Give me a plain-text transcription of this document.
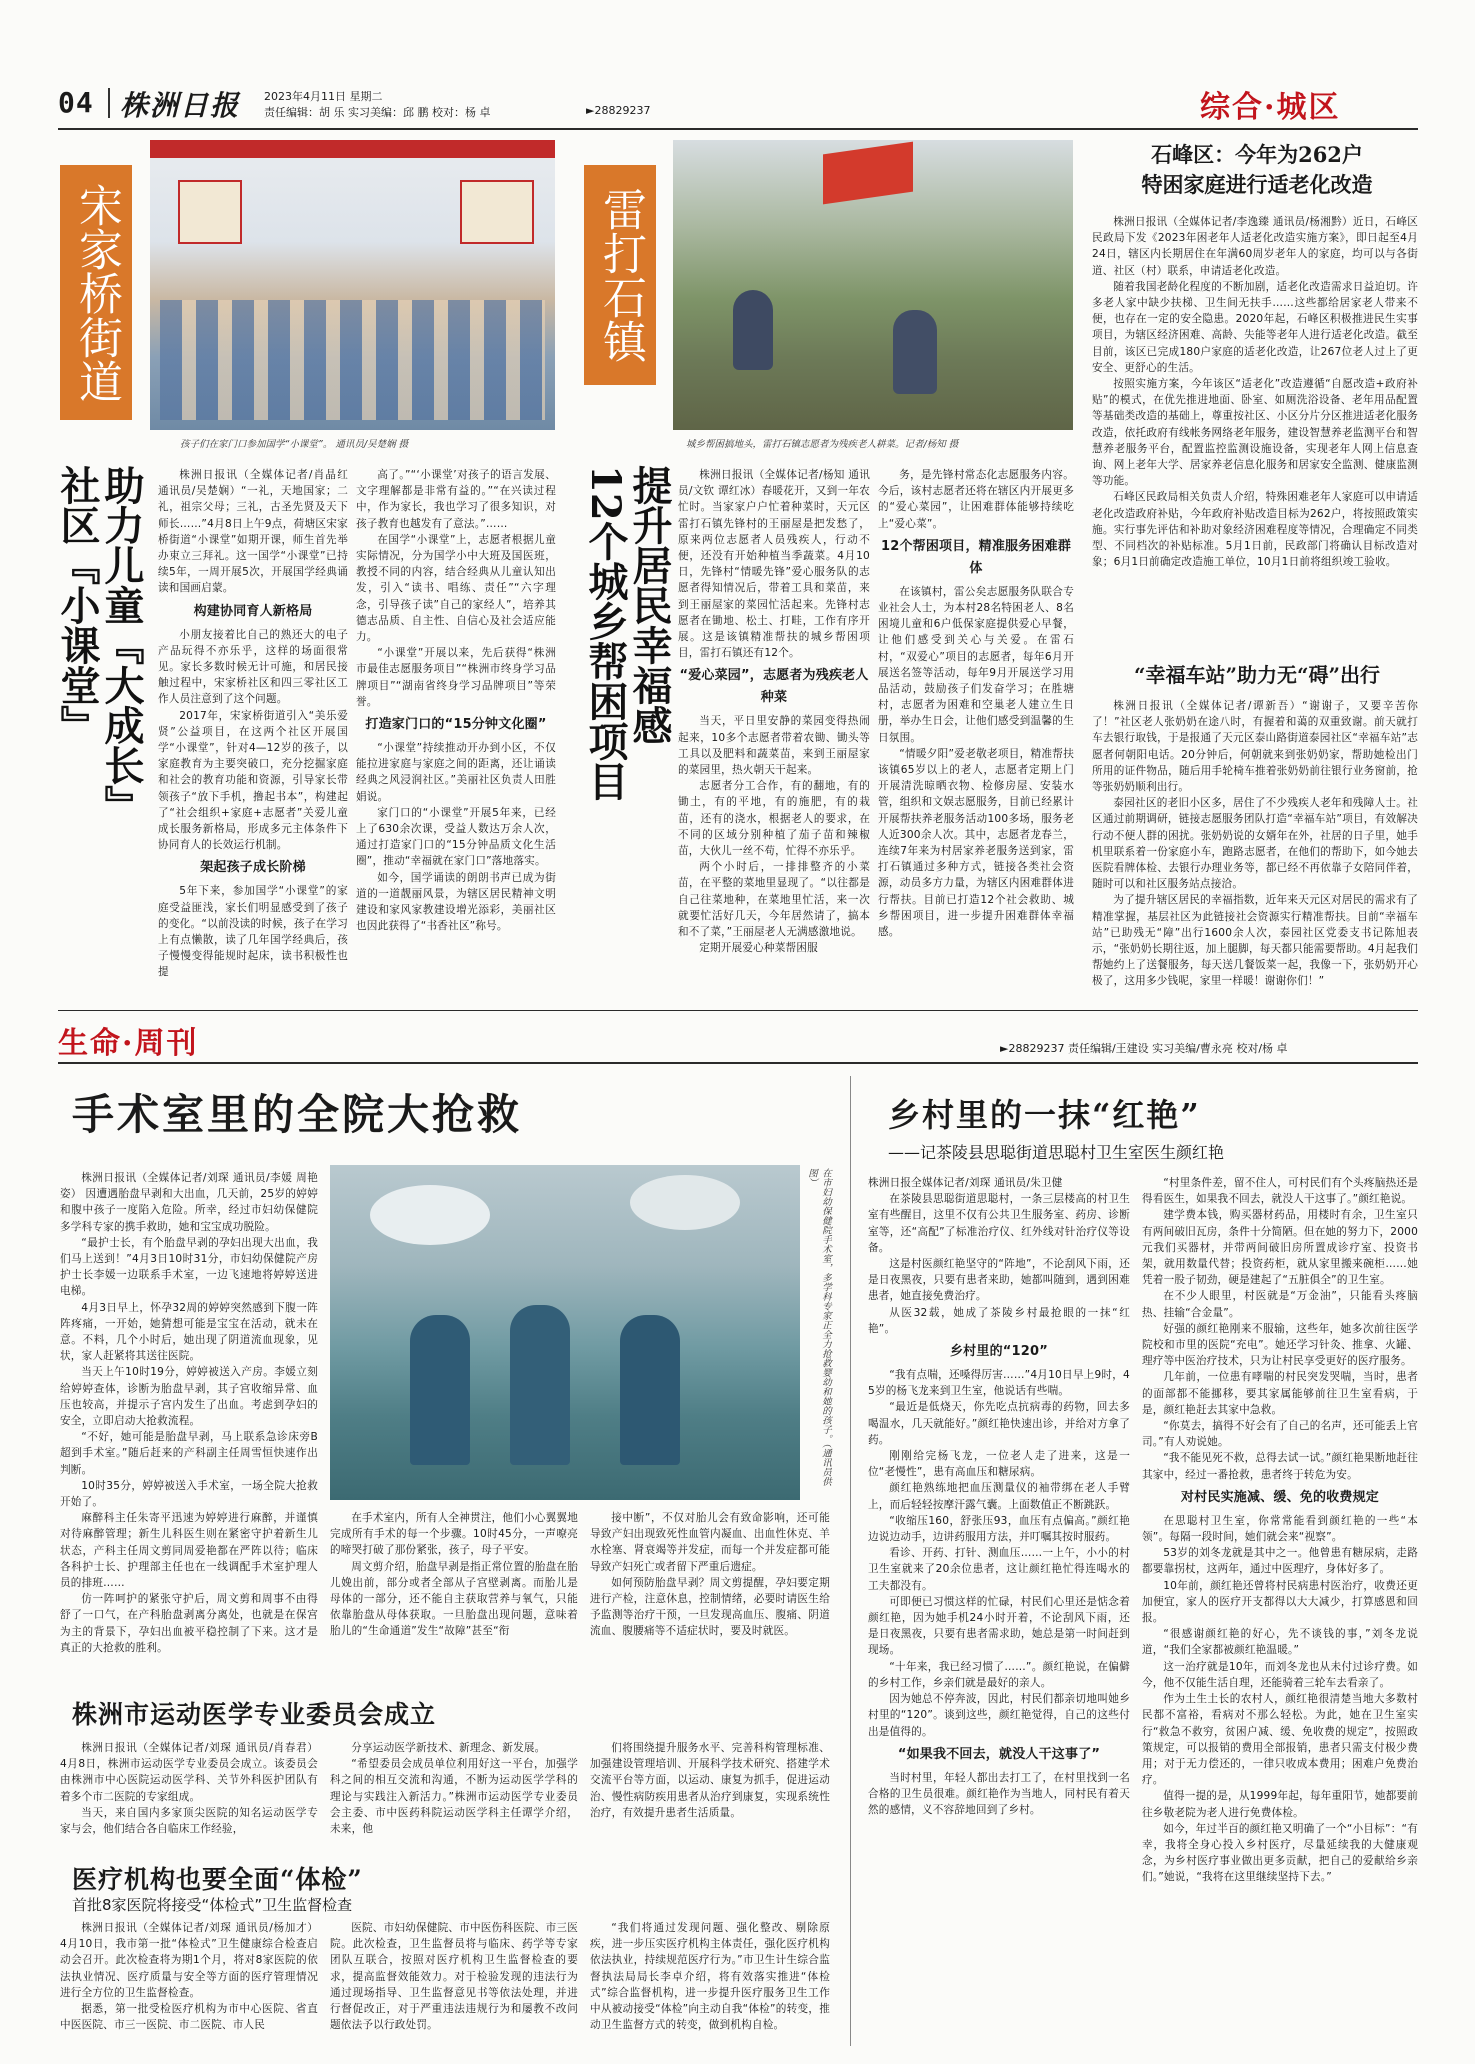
04 株洲日报 2023年4月11日 星期二
责任编辑：胡 乐 实习美编：邱 鹏 校对：杨 卓	►28829237	综合·城区
宋家桥街道
孩子们在家门口参加国学“小课堂”。 通讯员/吴楚娴 摄
助力儿童『大成长』
社区『小课堂』	株洲日报讯（全媒体记者/肖晶红 通讯员/吴楚娴）“一礼，天地国家；二礼，祖宗父母；三礼，古圣先贤及天下师长……”4月8日上午9点，荷塘区宋家桥街道“小课堂”如期开课，师生首先举办束立三拜礼。这一国学“小课堂”已持续5年，一周开展5次，开展国学经典诵读和国画启蒙。

构建协同育人新格局

小朋友接着比自己的熟还大的电子产品玩得不亦乐乎，这样的场面很常见。家长多数时候无计可施，和居民接触过程中，宋家桥社区和四三零社区工作人员注意到了这个问题。

2017年，宋家桥街道引入“美乐爱贤”公益项目，在这两个社区开展国学“小课堂”，针对4—12岁的孩子，以家庭教育为主要突破口，充分挖掘家庭和社会的教育功能和资源，引导家长带领孩子“放下手机，撸起书本”，构建起了“社会组织+家庭+志愿者”关爱儿童成长服务新格局，形成多元主体条件下协同育人的长效运行机制。

架起孩子成长阶梯

5年下来，参加国学“小课堂”的家庭受益匪浅，家长们明显感受到了孩子的变化。“以前没读的时候，孩子在学习上有点懒散，读了几年国学经典后，孩子慢慢变得能规时起床，读书积极性也提

高了。”“‘小课堂’对孩子的语言发展、文字理解都是非常有益的。”“在兴读过程中，作为家长，我也学习了很多知识，对孩子教育也越发有了意法。”……

在国学“小课堂”上，志愿者根据儿童实际情况，分为国学小中大班及国医班，教授不同的内容，结合经典从儿童认知出发，引入“读书、唱练、责任”“六字理念，引导孩子读”自己的家经人”，培养其德志品质、自主性、自信心及社会适应能力。

“小课堂”开展以来，先后获得“株洲市最佳志愿服务项目”“株洲市终身学习品牌项目”“湖南省终身学习品牌项目”等荣誉。

打造家门口的“15分钟文化圈”

“小课堂”持续推动开办到小区，不仅能拉进家庭与家庭之间的距离，还让诵读经典之风浸润社区。”美丽社区负责人田胜娟说。

家门口的“小课堂”开展5年来，已经上了630余次课，受益人数达万余人次，通过打造家门口的“15分钟品质文化生活圈”，推动“幸福就在家门口”落地落实。

如今，国学诵读的朗朗书声已成为街道的一道靓丽风景，为辖区居民精神文明建设和家风家教建设增光添彩，美丽社区也因此获得了“书香社区”称号。

雷打石镇
城乡帮困搞地头，雷打石镇志愿者为残疾老人耕菜。记者/杨知 摄
提升居民幸福感
12个城乡帮困项目	株洲日报讯（全媒体记者/杨知 通讯员/文钦 谭红冰）春暖花开，又到一年农忙时。当家家户户忙着种菜时，天元区雷打石镇先锋村的王丽屋是把发愁了，原来两位志愿者人员残疾人，行动不便，还没有开始种植当季蔬菜。4月10日，先锋村“情暖先锋”爱心服务队的志愿者得知情况后，带着工具和菜苗，来到王丽屋家的菜园忙活起来。先锋村志愿者在锄地、松土、打畦，工作有序开展。这是该镇精准帮扶的城乡帮困项目，雷打石镇还有12个。

“爱心菜园”，志愿者为残疾老人种菜

当天，平日里安静的菜园变得热闹起来，10多个志愿者带着农锄、锄头等工具以及肥料和蔬菜苗，来到王丽屋家的菜园里，热火朝天干起来。

志愿者分工合作，有的翻地，有的锄土，有的平地，有的施肥，有的栽苗，还有的浇水，根据老人的要求，在不同的区域分别种植了茄子苗和辣椒苗，大伙儿一丝不苟，忙得不亦乐乎。

两个小时后，一排排整齐的小菜苗，在平整的菜地里显现了。“以往都是自己往菜地种，在菜地里忙活，来一次就要忙活好几天，今年居然请了，搞本和不了菜，”王丽屋老人无满感激地说。

定期开展爱心种菜帮困服

务，是先锋村常态化志愿服务内容。今后，该村志愿者还将在辖区内开展更多的“爱心菜园”，让困难群体能够持续吃上“爱心菜”。

12个帮困项目，精准服务困难群体

在该镇村，雷公矣志愿服务队联合专业社会人士，为本村28名特困老人、8名困境儿童和6户低保家庭提供爱心早餐，让他们感受到关心与关爱。在雷石村，“双爱心”项目的志愿者，每年6月开展送名签等活动，每年9月开展送学习用品活动，鼓励孩子们发奋学习；在胜塘村，志愿者为困难和空巢老人建立生日册，举办生日会，让他们感受到温馨的生日氛围。

“情暖夕阳”爱老敬老项目，精准帮扶该镇65岁以上的老人，志愿者定期上门开展清洗晾晒衣物、检修房屋、安装水管，组织和文娱志愿服务，目前已经累计开展帮扶养老服务活动100多场，服务老人近300余人次。其中，志愿者龙春兰，连续7年来为村居家养老服务送到家，雷打石镇通过多种方式，链接各类社会资源，动员多方力量，为辖区内困难群体进行帮扶。目前已打造12个社会救助、城乡帮困项目，进一步提升困难群体幸福感。

石峰区：今年为262户
特困家庭进行适老化改造

株洲日报讯（全媒体记者/李逸臻 通讯员/杨湘黔）近日，石峰区民政局下发《2023年困老年人适老化改造实施方案》，即日起至4月24日，辖区内长期居住在年满60周岁老年人的家庭，均可以与各街道、社区（村）联系，申请适老化改造。

随着我国老龄化程度的不断加剧，适老化改造需求日益迫切。许多老人家中缺少扶梯、卫生间无扶手……这些都给居家老人带来不便，也存在一定的安全隐患。2020年起，石峰区积极推进民生实事项目，为辖区经济困难、高龄、失能等老年人进行适老化改造。截至目前，该区已完成180户家庭的适老化改造，让267位老人过上了更安全、更舒心的生活。

按照实施方案，今年该区“适老化”改造遵循“自愿改造+政府补贴”的模式，在优先推进地面、卧室、如厕洗浴设备、老年用品配置等基础类改造的基础上，尊重按社区、小区分片分区推进适老化服务改造，依托政府有线帐务网络老年服务，建设智慧养老监测平台和智慧养老服务平台，配置监控监测设施设备，实现老年人网上信息查询、网上老年大学、居家养老信息化服务和居家安全监测、健康监测等功能。

石峰区民政局相关负责人介绍，特殊困难老年人家庭可以申请适老化改造政府补贴，今年政府补贴改造目标为262户，将按照政策实施。实行事先评估和补助对象经济困难程度等情况，合理确定不同类型、不同档次的补贴标准。5月1日前，民政部门将确认目标改造对象；6月1日前确定改造施工单位，10月1日前将组织竣工验收。

“幸福车站”助力无“碍”出行

株洲日报讯（全媒体记者/谭新吾）“谢谢子，又要辛苦你了！”社区老人张奶奶在途八时，有握着和蔼的双重致谢。前天就打车去银行取钱，于是报通了天元区泰山路街道泰园社区“幸福车站”志愿者何朝阳电话。20分钟后，何朝就来到张奶奶家，帮助她检出门所用的证件物品，随后用手轮椅车推着张奶奶前往银行业务窗前，抢等张奶奶顺利出行。

泰园社区的老旧小区多，居住了不少残疾人老年和残障人士。社区通过前期调研，链接志愿服务团队打造“幸福车站”项目，有效解决行动不便人群的困扰。张奶奶说的女婿年在外，社居的日子里，她手机里联系着一份家庭小车，跑路志愿者，在他们的帮助下，如今她去医院看牌体检、去银行办理业务等，都已经不再依靠子女陪同伴着，随时可以和社区服务站点接洽。

为了提升辖区居民的幸福指数，近年来天元区对居民的需求有了精准掌握，基层社区为此链接社会资源实行精准帮扶。目前“幸福车站”已助残无“障”出行1600余人次，泰园社区党委支书记陈旭表示，“张奶奶长期往返，加上腿脚，每天都只能需要帮助。4月起我们帮她约上了送餐服务，每天送几餐饭菜一起，我像一下，张奶奶开心极了，这用多少钱呢，家里一样暖！谢谢你们！”

生命·周刊	►28829237 责任编辑/王建设 实习美编/曹永亮 校对/杨 卓
手术室里的全院大抢救

株洲日报讯（全媒体记者/刘琛 通讯员/李媛 周艳姿） 因遭遇胎盘早剥和大出血，几天前，25岁的婷婷和腹中孩子一度陷入危险。所幸，经过市妇幼保健院多学科专家的携手救助，她和宝宝成功脱险。

“最护士长，有个胎盘早剥的孕妇出现大出血，我们马上送到！”4月3日10时31分，市妇幼保健院产房护士长李媛一边联系手术室，一边飞速地将婷婷送进电梯。

4月3日早上，怀孕32周的婷婷突然感到下腹一阵阵疼痛，一开始，她猜想可能是宝宝在活动，就未在意。不料，几个小时后，她出现了阴道流血现象，见状，家人赶紧将其送往医院。

当天上午10时19分，婷婷被送入产房。李媛立刻给婷婷查体，诊断为胎盘早剥，其子宫收缩异常、血压也较高，并提示子宫内发生了出血。考虑到孕妇的安全，立即启动大抢救流程。

“不好，她可能是胎盘早剥，马上联系急诊床旁B超到手术室。”随后赶来的产科副主任周雪恒快速作出判断。

10时35分，婷婷被送入手术室，一场全院大抢救开始了。

麻醉科主任朱寄平迅速为婷婷进行麻醉，并谨慎对待麻醉管理；新生儿科医生则在紧密守护着新生儿状态，产科主任周文剪同周爱艳都在严阵以待；临床各科护士长、护理部主任也在一线调配手术室护理人员的排班……

仿一阵呵护的紧张守护后，周文剪和周事不由得舒了一口气，在产科胎盘剥离分离处，也就是在保宫为主的背景下，孕妇出血被平稳控制了下来。这才是真正的大抢救的胜利。

在市妇幼保健院手术室，多学科专家正全力抢救婴幼和她的孩子。（通讯员供图）

在手术室内，所有人全神贯注，他们小心翼翼地完成所有手术的每一个步骤。10时45分，一声嘹亮的啼哭打破了那份紧张，孩子，母子平安。

周文剪介绍，胎盘早剥是指正常位置的胎盘在胎儿娩出前，部分或者全部从子宫壁剥离。而胎儿是母体的一部分，还不能自主获取营养与氧气，只能依靠胎盘从母体获取。一旦胎盘出现问题，意味着胎儿的“生命通道”发生“故障”甚至“衔

接中断”，不仅对胎儿会有致命影响，还可能导致产妇出现致死性血管内凝血、出血性休克、羊水栓塞、肾衰竭等并发症，而每一个并发症都可能导致产妇死亡或者留下严重后遗症。

如何预防胎盘早剥？周文剪提醒，孕妇要定期进行产检，注意休息，控制情绪，必要时请医生给予监测等治疗干预，一旦发现高血压、腹痛、阴道流血、腹腰痛等不适症状时，要及时就医。

株洲市运动医学专业委员会成立

株洲日报讯（全媒体记者/刘琛 通讯员/肖春君） 4月8日，株洲市运动医学专业委员会成立。该委员会由株洲市中心医院运动医学科、关节外科医护团队有着多个市二医院的专家组成。

当天，来自国内多家顶尖医院的知名运动医学专家与会，他们结合各自临床工作经验，

分享运动医学新技术、新理念、新发展。

“希望委员会成员单位利用好这一平台，加强学科之间的相互交流和沟通，不断为运动医学学科的理论与实践注入新活力。”株洲市运动医学专业委员会主委、市中医药科院运动医学科主任谭学介绍，未来，他

们将围绕提升服务水平、完善科构管理标准、加强建设管理培训、开展科学技术研究、搭建学术交流平台等方面，以运动、康复为抓手，促进运动治、慢性病防疾用患者从治疗到康复，实现系统性治疗，有效提升患者生活质量。

医疗机构也要全面“体检”
首批8家医院将接受“体检式”卫生监督检查

株洲日报讯（全媒体记者/刘琛 通讯员/杨加才） 4月10日，我市第一批“体检式”卫生健康综合检查启动会召开。此次检查将为期1个月，将对8家医院的依法执业情况、医疗质量与安全等方面的医疗管理情况进行全方位的卫生监督检查。

据悉，第一批受检医疗机构为市中心医院、省直中医医院、市三一医院、市二医院、市人民

医院、市妇幼保健院、市中医伤科医院、市三医院。此次检查，卫生监督员将与临床、药学等专家团队互联合，按照对医疗机构卫生监督检查的要求，提高监督效能效力。对于检验发现的违法行为通过现场指导、卫生监督意见书等依法处理，并进行督促改正，对于严重违法违规行为和屡教不改问题依法予以行政处罚。

“我们将通过发现问题、强化整改、剔除原疾，进一步压实医疗机构主体责任，强化医疗机构依法执业，持续规范医疗行为。”市卫生计生综合监督执法局局长李卓介绍，将有效落实推进“体检式”综合监督机构，进一步提升医疗服务卫生工作中从被动接受“体检”向主动自我“体检”的转变，推动卫生监督方式的转变，做到机构自检。

乡村里的一抹“红艳”
——记茶陵县思聪街道思聪村卫生室医生颜红艳

株洲日报全媒体记者/刘琛 通讯员/朱卫健

在茶陵县思聪街道思聪村，一条三层楼高的村卫生室有些醒目，这里不仅有公共卫生服务室、药房、诊断室等，还“高配”了标准治疗仪、红外线对针治疗仪等设备。

这是村医颜红艳坚守的“阵地”，不论刮风下雨，还是日夜黑夜，只要有患者来助，她都叫随到，遇到困难患者，她直接免费治疗。

从医32载，她成了茶陵乡村最抢眼的一抹“红艳”。

乡村里的“120”

“我有点喘，还嗓得厉害……”4月10日早上9时，45岁的杨飞龙来到卫生室，他说话有些喘。

“最近是低烧天，你先吃点抗病毒的药物，回去多喝温水，几天就能好。”颜红艳快速出诊，并给对方拿了药。

刚刚给完杨飞龙，一位老人走了进来，这是一位“老慢性”，患有高血压和糖尿病。

颜红艳熟练地把血压测量仪的袖带绑在老人手臂上，而后轻轻按摩汗露气囊。上面数值正不断跳跃。

“收缩压160，舒张压93，血压有点偏高。”颜红艳边说边动手，边讲药服用方法，并叮嘱其按时服药。

看诊、开药、打针、测血压……一上午，小小的村卫生室就来了20余位患者，这让颜红艳忙得连喝水的工夫都没有。

可即便已习惯这样的忙碌，村民们心里还是惦念着颜红艳，因为她手机24小时开着，不论刮风下雨，还是日夜黑夜，只要有患者需求助，她总是第一时间赶到现场。

“十年来，我已经习惯了……”。颜红艳说，在偏僻的乡村工作，乡亲们就是最好的亲人。

因为她总不停奔波，因此，村民们都亲切地叫她乡村里的“120”。谈到这些，颜红艳觉得，自己的这些付出是值得的。

“如果我不回去，就没人干这事了”

当时村里，年轻人都出去打工了，在村里找到一名合格的卫生员很难。颜红艳作为当地人，同村民有着天然的感情，义不容辞地回到了乡村。

“村里条件差，留不住人，可村民们有个头疼脑热还是得看医生，如果我不回去，就没人干这事了。”颜红艳说。

建学费本钱，购买器材药品，用楼时有余，卫生室只有两间破旧瓦房，条件十分简陋。但在她的努力下，2000元我们买器材，并带两间破旧房所置成诊疗室、投资书架，就用数量代替；投资药柜，就从家里搬来碗柜……她凭着一股子韧劲，硬是建起了“五脏俱全”的卫生室。

在不少人眼里，村医就是“万金油”，只能看头疼脑热、挂输“合金量”。

好强的颜红艳刚来不服输，这些年，她多次前往医学院校和市里的医院“充电”。她还学习针灸、推拿、火罐、理疗等中医治疗技术，只为让村民享受更好的医疗服务。

几年前，一位患有哮喘的村民突发哭喘，当时，患者的面部都不能挪移，要其家属能够前往卫生室看病，于是，颜红艳赶去其家中急救。

“你莫去，搞得不好会有了自己的名声，还可能丢上官司。”有人劝说她。

“我不能见死不救，总得去试一试。”颜红艳果断地赶往其家中，经过一番抢救，患者终于转危为安。

对村民实施减、缓、免的收费规定

在思聪村卫生室，你常常能看到颜红艳的一些“本领”。每隔一段时间，她们就会来“视察”。

53岁的刘冬龙就是其中之一。他曾患有糖尿病，走路都要靠拐杖，这两年，通过中医理疗，身体好多了。

10年前，颜红艳还曾将村民病患村医治疗，收费还更加便宜，家人的医疗开支都得以大大减少，打算感恩和回报。

“很感谢颜红艳的好心，先不谈钱的事，”刘冬龙说道，“我们全家都被颜红艳温暖。”

这一治疗就是10年，而刘冬龙也从未付过诊疗费。如今，他不仅能生活自理，还能骑着三轮车去看亲了。

作为土生土长的农村人，颜红艳很清楚当地大多数村民都不富裕，看病对不那么轻松。为此，她在卫生室实行“救急不救穷，贫困户减、缓、免收费的规定”，按照政策规定，可以报销的费用全部报销，患者只需支付极少费用；对于无力偿还的，一律只收成本费用；困难户免费治疗。

值得一提的是，从1999年起，每年重阳节，她都要前往乡敬老院为老人进行免费体检。

如今，年过半百的颜红艳又明确了一个“小目标”：“有幸，我将全身心投入乡村医疗，尽量延续我的大健康观念，为乡村医疗事业做出更多贡献，把自己的爱献给乡亲们。”她说，“我将在这里继续坚持下去。”
